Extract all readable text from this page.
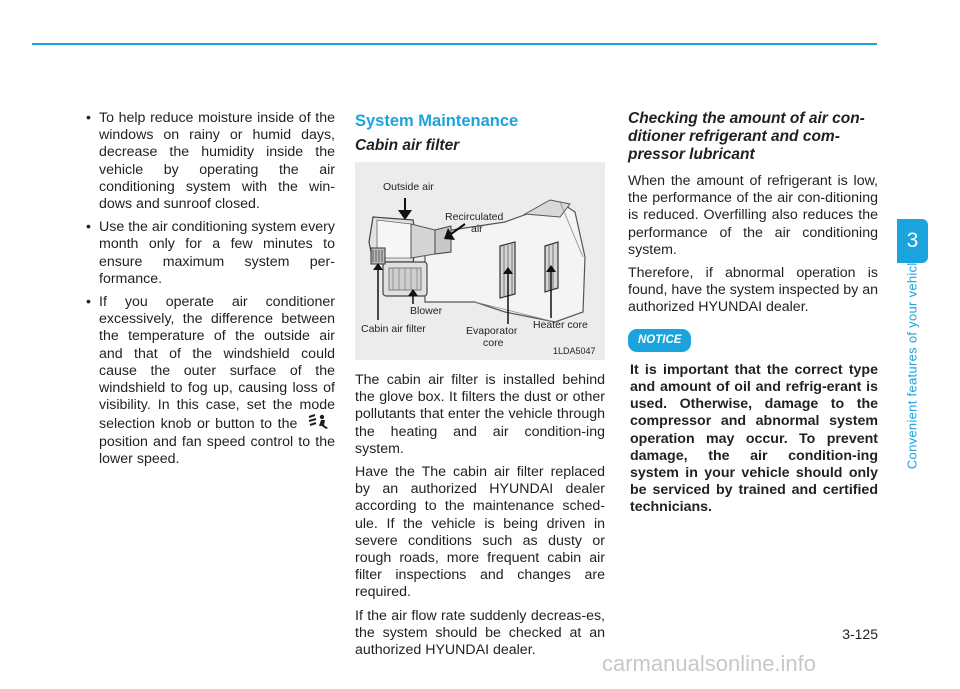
• To help reduce moisture inside of the windows on rainy or humid days, decrease the humidity inside the vehicle by operating the air conditioning system with the win-dows and sunroof closed.
• Use the air conditioning system every month only for a few minutes to ensure maximum system per-formance.
• If you operate air conditioner excessively, the difference between the temperature of the outside air and that of the windshield could cause the outer surface of the windshield to fog up, causing loss of visibility. In this case, set the mode selection knob or button to the  position and fan speed control to the lower speed.
System Maintenance
Cabin air filter
Outside air
Recirculated
air
Blower
Cabin air filter	Evaporator
core
Heater core
1LDA5047

The cabin air filter is installed behind the glove box. It filters the dust or other pollutants that enter the vehicle through the heating and air condition-ing system.

Have the The cabin air filter replaced by an authorized HYUNDAI dealer according to the maintenance sched-ule. If the vehicle is being driven in severe conditions such as dusty or rough roads, more frequent cabin air filter inspections and changes are required.

If the air flow rate suddenly decreas-es, the system should be checked at an authorized HYUNDAI dealer.

Checking the amount of air con-ditioner refrigerant and com-pressor lubricant

When the amount of refrigerant is low, the performance of the air con-ditioning is reduced. Overfilling also reduces the performance of the air conditioning system.

Therefore, if abnormal operation is found, have the system inspected by an authorized HYUNDAI dealer.

NOTICE

It is important that the correct type and amount of oil and refrig-erant is used. Otherwise, damage to the compressor and abnormal system operation may occur. To prevent damage, the air condition-ing system in your vehicle should only be serviced by trained and certified technicians.

3
Convenient features of your vehicle
3-125
carmanualsonline.info
